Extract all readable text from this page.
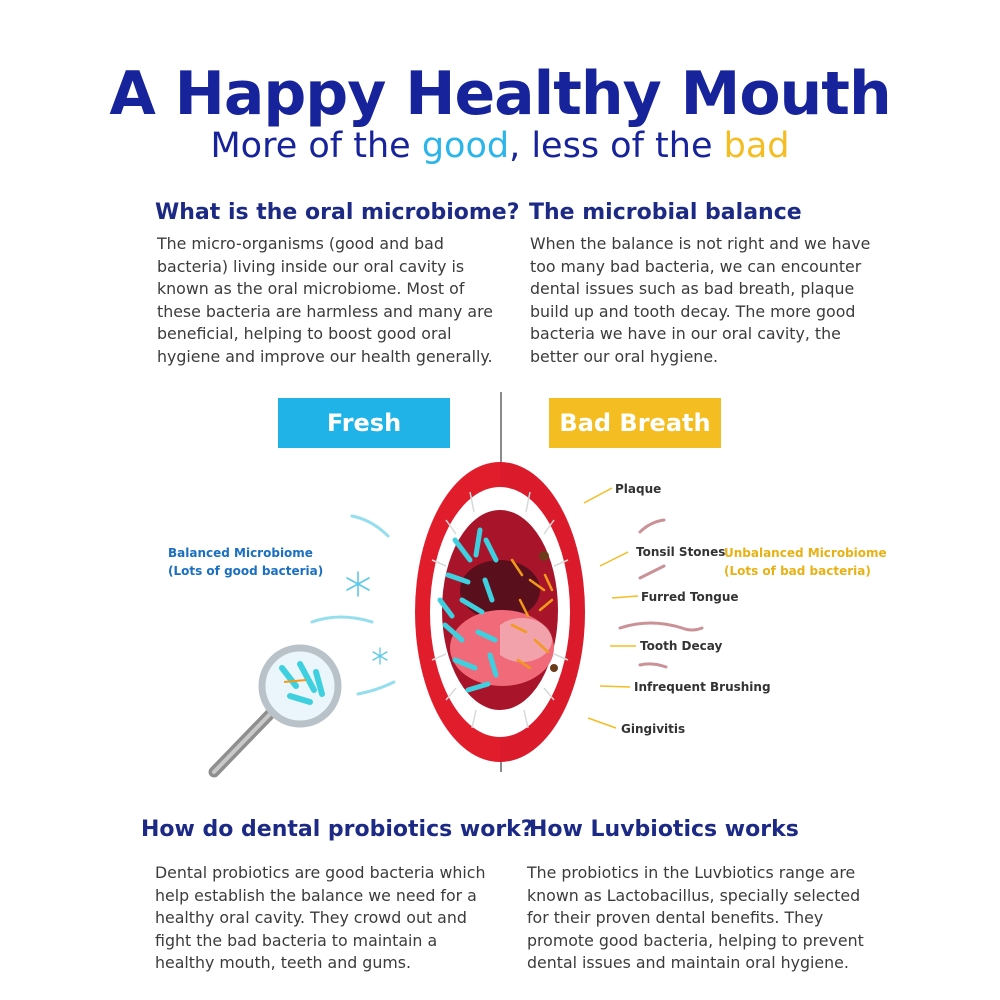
A Happy Healthy Mouth
More of the good, less of the bad
What is the oral microbiome?
The micro-organisms (good and bad
bacteria) living inside our oral cavity is
known as the oral microbiome. Most of
these bacteria are harmless and many are
beneficial, helping to boost good oral
hygiene and improve our health generally.
The microbial balance
When the balance is not right and we have
too many bad bacteria, we can encounter
dental issues such as bad breath, plaque
build up and tooth decay. The more good
bacteria we have in our oral cavity, the
better our oral hygiene.
Fresh Breath
Bad Breath
Balanced Microbiome
(Lots of good bacteria)
Unbalanced Microbiome
(Lots of bad bacteria)
Plaque
Tonsil Stones
Furred Tongue
Tooth Decay
Infrequent Brushing
Gingivitis
How do dental probiotics work?
Dental probiotics are good bacteria which
help establish the balance we need for a
healthy oral cavity. They crowd out and
fight the bad bacteria to maintain a
healthy mouth, teeth and gums.
How Luvbiotics works
The probiotics in the Luvbiotics range are
known as Lactobacillus, specially selected
for their proven dental benefits. They
promote good bacteria, helping to prevent
dental issues and maintain oral hygiene.
